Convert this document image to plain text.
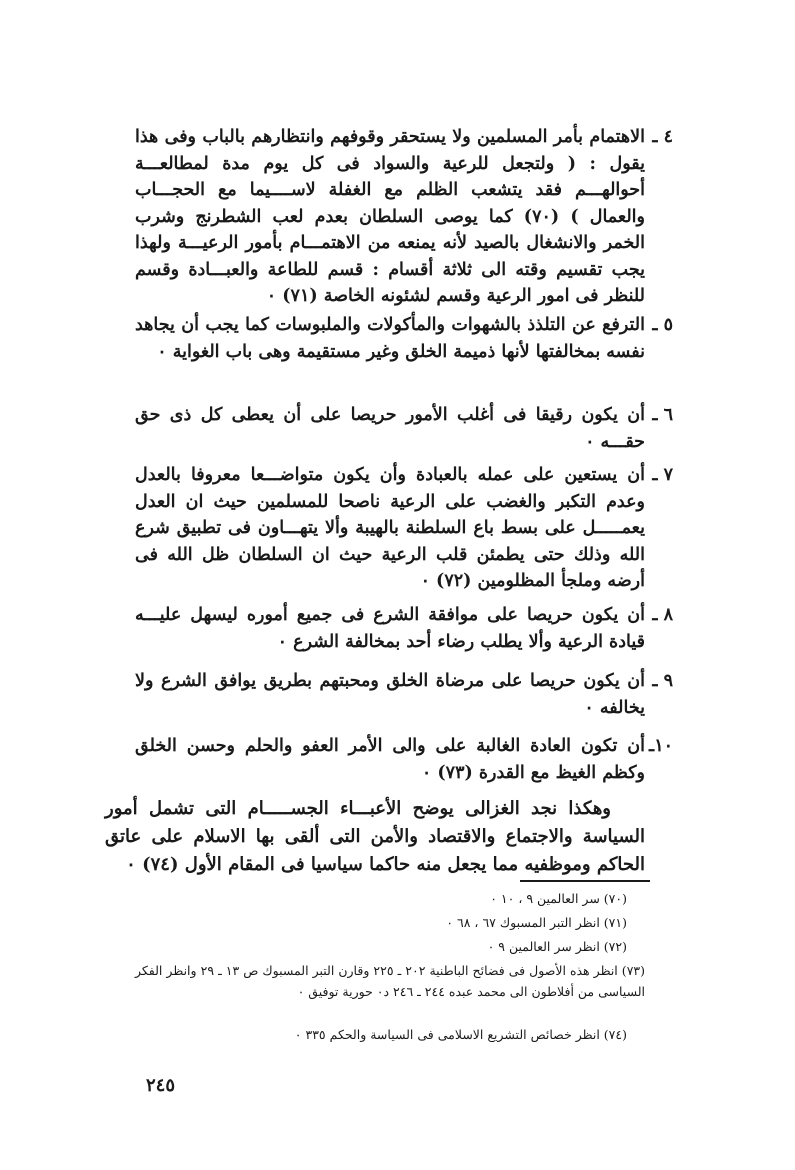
٤ ـ
الاهتمام بأمر المسلمين ولا يستحقر وقوفهم وانتظارهم بالباب وفى هذا يقول : ( ولتجعل للرعية والسواد فى كل يوم مدة لمطالعـــة أحوالهـــم فقد يتشعب الظلم مع الغفلة لاســــيما مع الحجـــاب والعمال ) (٧٠) كما يوصى السلطان بعدم لعب الشطرنج وشرب الخمر والانشغال بالصيد لأنه يمنعه من الاهتمـــام بأمور الرعيـــة ولهذا يجب تقسيم وقته الى ثلاثة أقسام : قسم للطاعة والعبـــادة وقسم للنظر فى امور الرعية وقسم لشئونه الخاصة (٧١) ٠
٥ ـ
الترفع عن التلذذ بالشهوات والمأكولات والملبوسات كما يجب أن يجاهد نفسه بمخالفتها لأنها ذميمة الخلق وغير مستقيمة وهى باب الغواية ٠
٦ ـ
أن يكون رقيقا فى أغلب الأمور حريصا على أن يعطى كل ذى حق حقـــه ٠
٧ ـ
أن يستعين على عمله بالعبادة وأن يكون متواضـــعا معروفا بالعدل وعدم التكبر والغضب على الرعية ناصحا للمسلمين حيث ان العدل يعمـــــل على بسط باع السلطنة بالهيبة وألا يتهـــاون فى تطبيق شرع الله وذلك حتى يطمئن قلب الرعية حيث ان السلطان ظل الله فى أرضه وملجأ المظلومين (٧٢) ٠
٨ ـ
أن يكون حريصا على موافقة الشرع فى جميع أموره ليسهل عليـــه قيادة الرعية وألا يطلب رضاء أحد بمخالفة الشرع ٠
٩ ـ
أن يكون حريصا على مرضاة الخلق ومحبتهم بطريق يوافق الشرع ولا يخالفه ٠
١٠ـ
أن تكون العادة الغالبة على والى الأمر العفو والحلم وحسن الخلق وكظم الغيظ مع القدرة (٧٣) ٠
وهكذا نجد الغزالى يوضح الأعبـــاء الجســـــام التى تشمل أمور السياسة والاجتماع والاقتصاد والأمن التى ألقى بها الاسلام على عاتق الحاكم وموظفيه مما يجعل منه حاكما سياسيا فى المقام الأول (٧٤) ٠
(٧٠) سر العالمين ٩ ، ١٠ ٠
(٧١) انظر التبر المسبوك ٦٧ ، ٦٨ ٠
(٧٢) انظر سر العالمين ٩ ٠
(٧٣) انظر هذه الأصول فى فضائح الباطنية ٢٠٢ ـ ٢٢٥ وقارن التبر المسبوك ص ١٣ ـ ٢٩ وانظر الفكر السياسى من أفلاطون الى محمد عبده ٢٤٤ ـ ٢٤٦ د٠ حورية توفيق ٠
(٧٤) انظر خصائص التشريع الاسلامى فى السياسة والحكم ٣٣٥ ٠
٢٤٥
